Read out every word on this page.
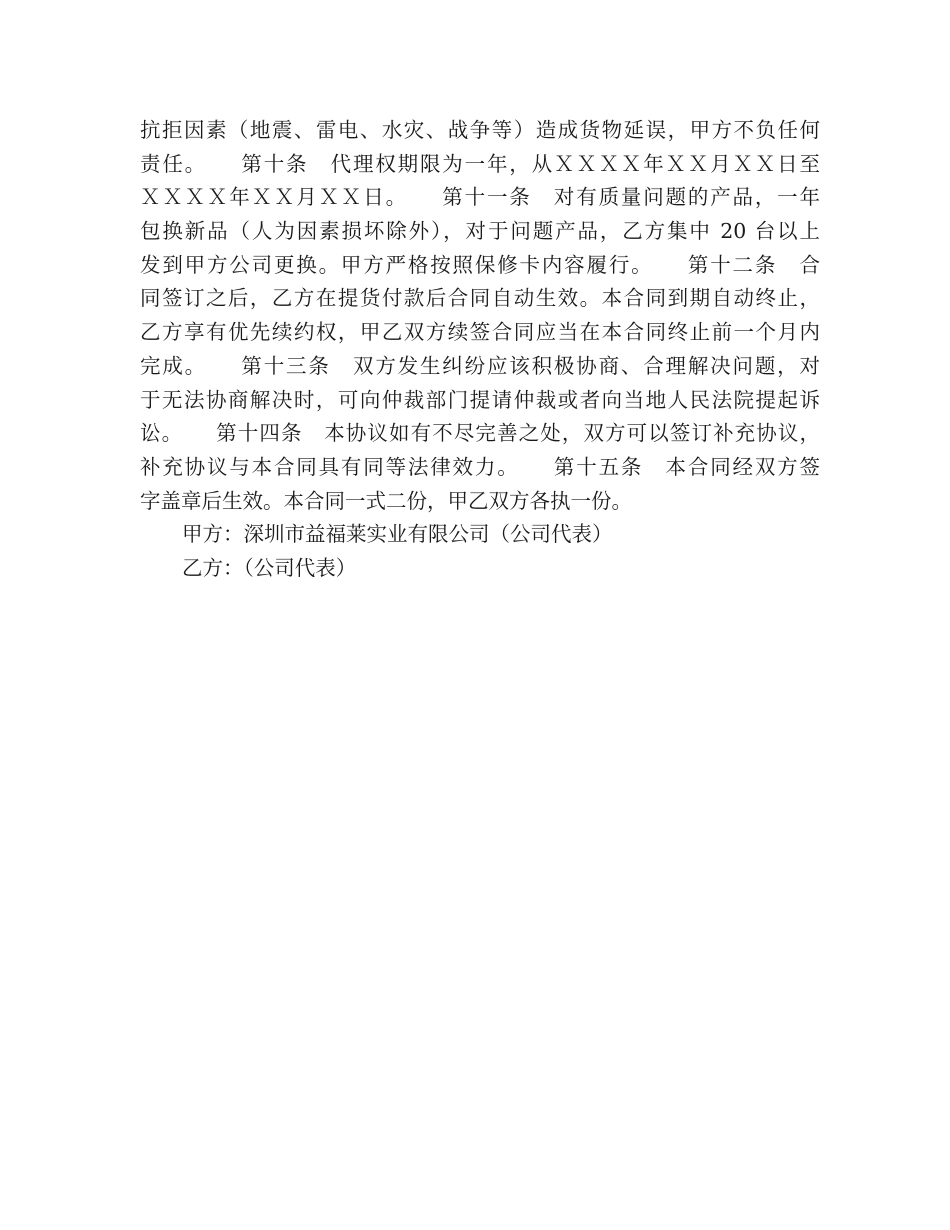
抗拒因素（地震、雷电、水灾、战争等）造成货物延误，甲方不负任何
责任。　　第十条　代理权期限为一年，从ＸＸＸＸ年ＸＸ月ＸＸ日至
ＸＸＸＸ年ＸＸ月ＸＸ日。　　第十一条　对有质量问题的产品，一年
包换新品（人为因素损坏除外），对于问题产品，乙方集中 20 台以上
发到甲方公司更换。甲方严格按照保修卡内容履行。　　第十二条　合
同签订之后，乙方在提货付款后合同自动生效。本合同到期自动终止，
乙方享有优先续约权，甲乙双方续签合同应当在本合同终止前一个月内
完成。　　第十三条　双方发生纠纷应该积极协商、合理解决问题，对
于无法协商解决时，可向仲裁部门提请仲裁或者向当地人民法院提起诉
讼。　　第十四条　本协议如有不尽完善之处，双方可以签订补充协议，
补充协议与本合同具有同等法律效力。　　第十五条　本合同经双方签
字盖章后生效。本合同一式二份，甲乙双方各执一份。
甲方：深圳市益福莱实业有限公司（公司代表）
乙方：（公司代表）
